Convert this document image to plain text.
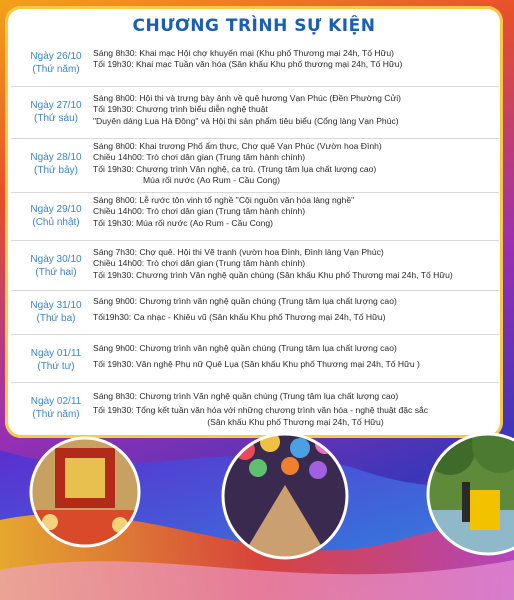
CHƯƠNG TRÌNH SỰ KIỆN
Ngày 26/10
(Thứ năm)
Sáng 8h30: Khai mạc Hội chợ khuyến mại (Khu phố Thương mại 24h, Tố Hữu)
Tối 19h30: Khai mạc Tuần văn hóa (Sân khấu Khu phố thương mại 24h, Tố Hữu)
Ngày 27/10
(Thứ sáu)
Sáng 8h00: Hội thi và trưng bày ảnh về quê hương Vạn Phúc (Đền Phường Cửi)
Tối 19h30: Chương trình biểu diễn nghệ thuật
"Duyên dáng Lụa Hà Đông" và Hội thi sản phẩm tiêu biểu (Cổng làng Vạn Phúc)
Ngày 28/10
(Thứ bảy)
Sáng 8h00: Khai trương Phố ẩm thực, Chợ quê Vạn Phúc (Vườn hoa Đình)
Chiều 14h00: Trò chơi dân gian (Trung tâm hành chính)
Tối 19h30: Chương trình Văn nghệ, ca trù. (Trung tâm lụa chất lượng cao)
Múa rối nước (Ao Rum - Cầu Cong)
Ngày 29/10
(Chủ nhật)
Sáng 8h00: Lễ rước tôn vinh tổ nghề "Cội nguồn văn hóa làng nghề"
Chiều 14h00: Trò chơi dân gian (Trung tâm hành chính)
Tối 19h30: Múa rối nước (Ao Rum - Cầu Cong)
Ngày 30/10
(Thứ hai)
Sáng 7h30: Chợ quê. Hội thi Vẽ tranh (vườn hoa Đình, Đình làng Vạn Phúc)
Chiều 14h00: Trò chơi dân gian (Trung tâm hành chính)
Tối 19h30: Chương trình Văn nghệ quần chúng (Sân khấu Khu phố Thương mại 24h, Tố Hữu)
Ngày 31/10
(Thứ ba)
Sáng 9h00: Chương trình văn nghệ quần chúng (Trung tâm lụa chất lượng cao)
Tối19h30: Ca nhạc - Khiêu vũ (Sân khấu Khu phố Thương mại 24h, Tố Hữu)
Ngày 01/11
(Thứ tư)
Sáng 9h00: Chương trình văn nghệ quần chúng (Trung tâm lụa chất lượng cao)
Tối 19h30: Văn nghệ Phụ nữ Quê Lụa (Sân khấu Khu phố Thương mại 24h, Tố Hữu )
Ngày 02/11
(Thứ năm)
Sáng 8h30: Chương trình Văn nghệ quần chúng (Trung tâm lụa chất lượng cao)
Tối 19h30: Tổng kết tuần văn hóa với những chương trình văn hóa - nghệ thuật đặc sắc
(Sân khấu Khu phố Thương mại 24h, Tố Hữu)
